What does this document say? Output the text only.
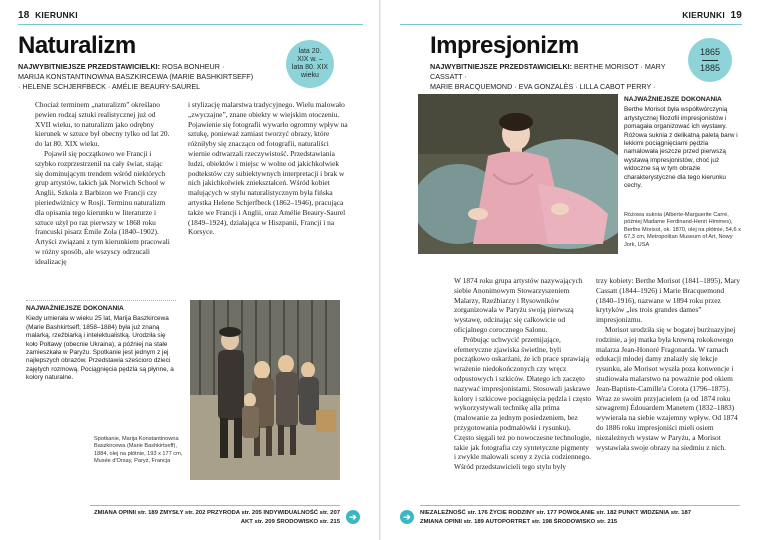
18 KIERUNKI
Naturalizm
NAJWYBITNIEJSZE PRZEDSTAWICIELKI: ROSA BONHEUR ·
MARIJA KONSTANTINOWNA BASZKIRCEWA (MARIE BASHKIRTSEFF)
· HELENE SCHJERFBECK · AMÉLIE BEAURY-SAUREL
lata 20.
XIX w. –
lata 80. XIX
wieku

Chociaż terminem „naturalizm” określano pewien rodzaj sztuki realistycznej już od XVII wieku, to naturalizm jako odrębny kierunek w sztuce był obecny tylko od lat 20. do lat 80. XIX wieku.

Pojawił się początkowo we Francji i szybko rozprzestrzenił na cały świat, stając się dominującym trendem wśród niektórych grup artystów, takich jak Norwich School w Anglii, Szkoła z Barbizon we Francji czy pieriedwiżnicy w Rosji. Terminu naturalizm dla opisania tego kierunku w literaturze i sztuce użył po raz pierwszy w 1868 roku francuski pisarz Émile Zola (1840–1902). Artyści związani z tym kierunkiem pracowali w różny sposób, ale wszyscy odrzucali idealizację

i stylizację malarstwa tradycyjnego. Wielu malowało „zwyczajne”, znane obiekty w wiejskim otoczeniu. Pojawienie się fotografii wywarło ogromny wpływ na sztukę, ponieważ zamiast tworzyć obrazy, które różniłyby się znacząco od fotografii, naturaliści wiernie odtwarzali rzeczywistość. Przedstawiania ludzi, obiektów i miejsc w wolne od jakichkolwiek podtekstów czy subiektywnych interpretacji i brak w nich jakichkolwiek zniekształceń. Wśród kobiet malujących w stylu naturalistycznym była fińska artystka Helene Schjerfbeck (1862–1946), pracująca także we Francji i Anglii, oraz Amélie Beaury-Saurel (1849–1924), działająca w Hiszpanii, Francji i na Korsyce.

NAJWAŻNIEJSZE DOKONANIA
Kiedy umierała w wieku 25 lat, Marija Baszkircewa (Marie Bashkirtseff, 1858–1884) była już znaną malarką, rzeźbiarką i intelektualistką. Urodziła się koło Połtawy (obecnie Ukraina), a później na stałe zamieszkała w Paryżu. Spotkanie jest jednym z jej najlepszych obrazów. Przedstawia sześciorо dzieci zajętych rozmową. Pociągnięcia pędzla są płynne, a kolory naturalne.
Spotkanie, Marija Konstantinowna Baszkircewa (Marie Bashkirtseff), 1884, olej na płótnie, 193 x 177 cm, Musée d'Orsay, Paryż, Francja
ZMIANA OPINII str. 189 ZMYSŁY str. 202 PRZYRODA str. 205 INDYWIDUALNOŚĆ str. 207
AKT str. 209 ŚRODOWISKO str. 215	➔
KIERUNKI 19
Impresjonizm
NAJWYBITNIEJSZE PRZEDSTAWICIELKI: BERTHE MORISOT · MARY CASSATT ·
MARIE BRACQUEMOND · EVA GONZALÈS · LILLA CABOT PERRY ·
1865
1885
NAJWAŻNIEJSZE DOKONANIA
Berthe Morisot była współtwórczynią artystycznej filozofii impresjonistów i pomagała organizować ich wystawy. Różowa suknia z delikatną paletą barw i lekkimi pociągnięciami pędzla namalowała jeszcze przed pierwszą wystawą impresjonistów, choć już widoczne są w tym obrazie charakterystyczne dla tego kierunku cechy.
Różowa suknia (Alberte-Marguerite Carré, później Madame Ferdinand-Henri Himmes), Berthe Morisot, ok. 1870, olej na płótnie, 54,6 x 67,3 cm, Metropolitan Museum of Art, Nowy Jork, USA

W 1874 roku grupa artystów nazywających siebie Anonimowym Stowarzyszeniem Malarzy, Rzeźbiarzy i Rysowników zorganizowała w Paryżu swoją pierwszą wystawę, odcinając się całkowicie od oficjalnego corocznego Salonu.

Próbując uchwycić przemijające, efemeryczne zjawiska świetlne, byli początkowo oskarżani, że ich prace sprawiają wrażenie niedokończonych czy wręcz odpustowych i szkiców. Dlatego ich zaczęto nazywać impresjonistami. Stosowali jaskrawe kolory i szkicowe pociągnięcia pędzla i często wykorzystywali technikę alla prima (malowanie za jednym posiedzeniem, bez przygotowania podmalówki i rysunku). Często sięgali też po nowoczesne technologie, takie jak fotografia czy syntetyczne pigmenty i zwykle malowali sceny z życia codziennego. Wśród przedstawicieli tego stylu były

trzy kobiety: Berthe Morisot (1841–1895), Mary Cassatt (1844–1926) i Marie Bracquemond (1840–1916), nazwane w 1894 roku przez krytyków „les trois grandes dames” impresjonizmu.

Morisot urodziła się w bogatej burżuazyjnej rodzinie, a jej matka była krewną rokokowego malarza Jean-Honoré Fragonarda. W ramach edukacji młodej damy znalazły się lekcje rysunku, ale Morisot wyszła poza konwencje i studiowała malarstwo na poważnie pod okiem Jean-Baptiste-Camille'a Corota (1796–1875). Wraz ze swoim przyjacielem (a od 1874 roku szwagrem) Édouardem Manetem (1832–1883) wywierała na siebie wzajemny wpływ. Od 1874 do 1886 roku impresjoniści mieli osiem niezależnych wystaw w Paryżu, a Morisot wystawiała swoje obrazy na siedmiu z nich.

➔	NIEZALEŻNOŚĆ str. 176 ŻYCIE RODZINY str. 177 POWOŁANIE str. 182 PUNKT WIDZENIA str. 187
ZMIANA OPINII str. 189 AUTOPORTRET str. 198 ŚRODOWISKO str. 215
